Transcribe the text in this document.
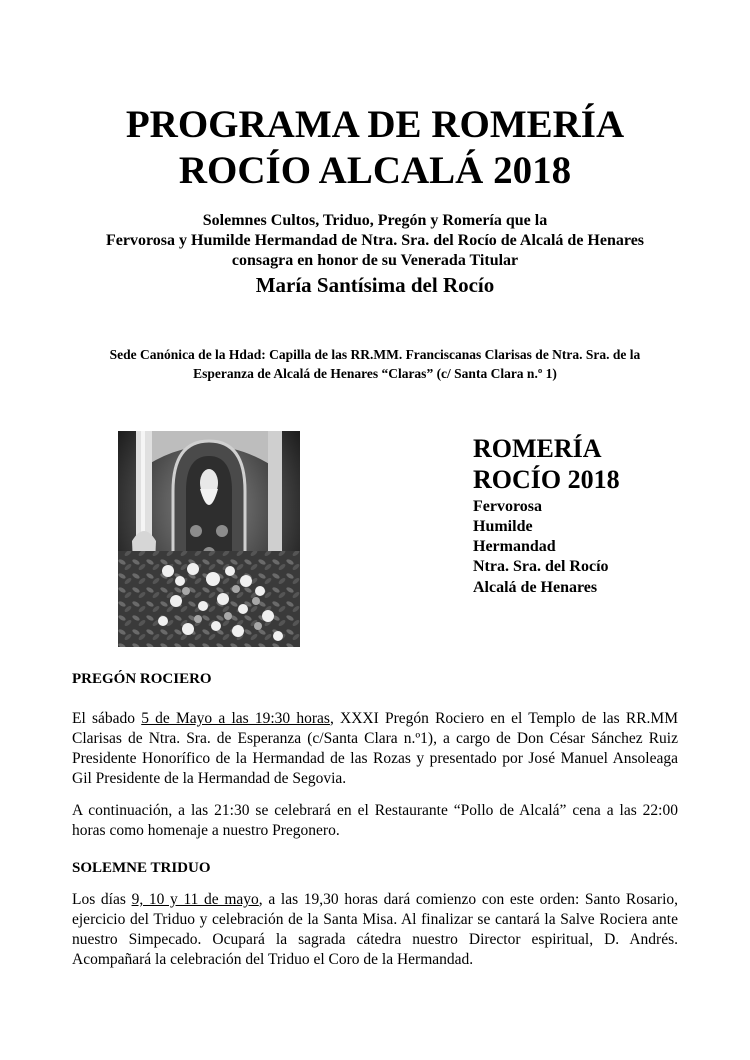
PROGRAMA DE ROMERÍA
ROCÍO ALCALÁ 2018

Solemnes Cultos, Triduo, Pregón y Romería que la

Fervorosa y Humilde Hermandad de Ntra. Sra. del Rocío de Alcalá de Henares

consagra en honor de su Venerada Titular

María Santísima del Rocío

Sede Canónica de la Hdad: Capilla de las RR.MM. Franciscanas Clarisas de Ntra. Sra. de la

Esperanza de Alcalá de Henares “Claras” (c/ Santa Clara n.º 1)

ROMERÍA

ROCÍO 2018

Fervorosa

Humilde

Hermandad

Ntra. Sra. del Rocío

Alcalá de Henares

PREGÓN ROCIERO

El sábado 5 de Mayo a las 19:30 horas, XXXI Pregón Rociero en el Templo de las RR.MM Clarisas de Ntra. Sra. de Esperanza (c/Santa Clara n.º1), a cargo de Don César Sánchez Ruiz Presidente Honorífico de la Hermandad de las Rozas y presentado por José Manuel Ansoleaga Gil Presidente de la Hermandad de Segovia.

A continuación, a las 21:30 se celebrará en el Restaurante “Pollo de Alcalá” cena a las 22:00 horas como homenaje a nuestro Pregonero.

SOLEMNE TRIDUO

Los días 9, 10 y 11 de mayo, a las 19,30 horas dará comienzo con este orden: Santo Rosario, ejercicio del Triduo y celebración de la Santa Misa. Al finalizar se cantará la Salve Rociera ante nuestro Simpecado. Ocupará la sagrada cátedra nuestro Director espiritual, D. Andrés. Acompañará la celebración del Triduo el Coro de la Hermandad.
